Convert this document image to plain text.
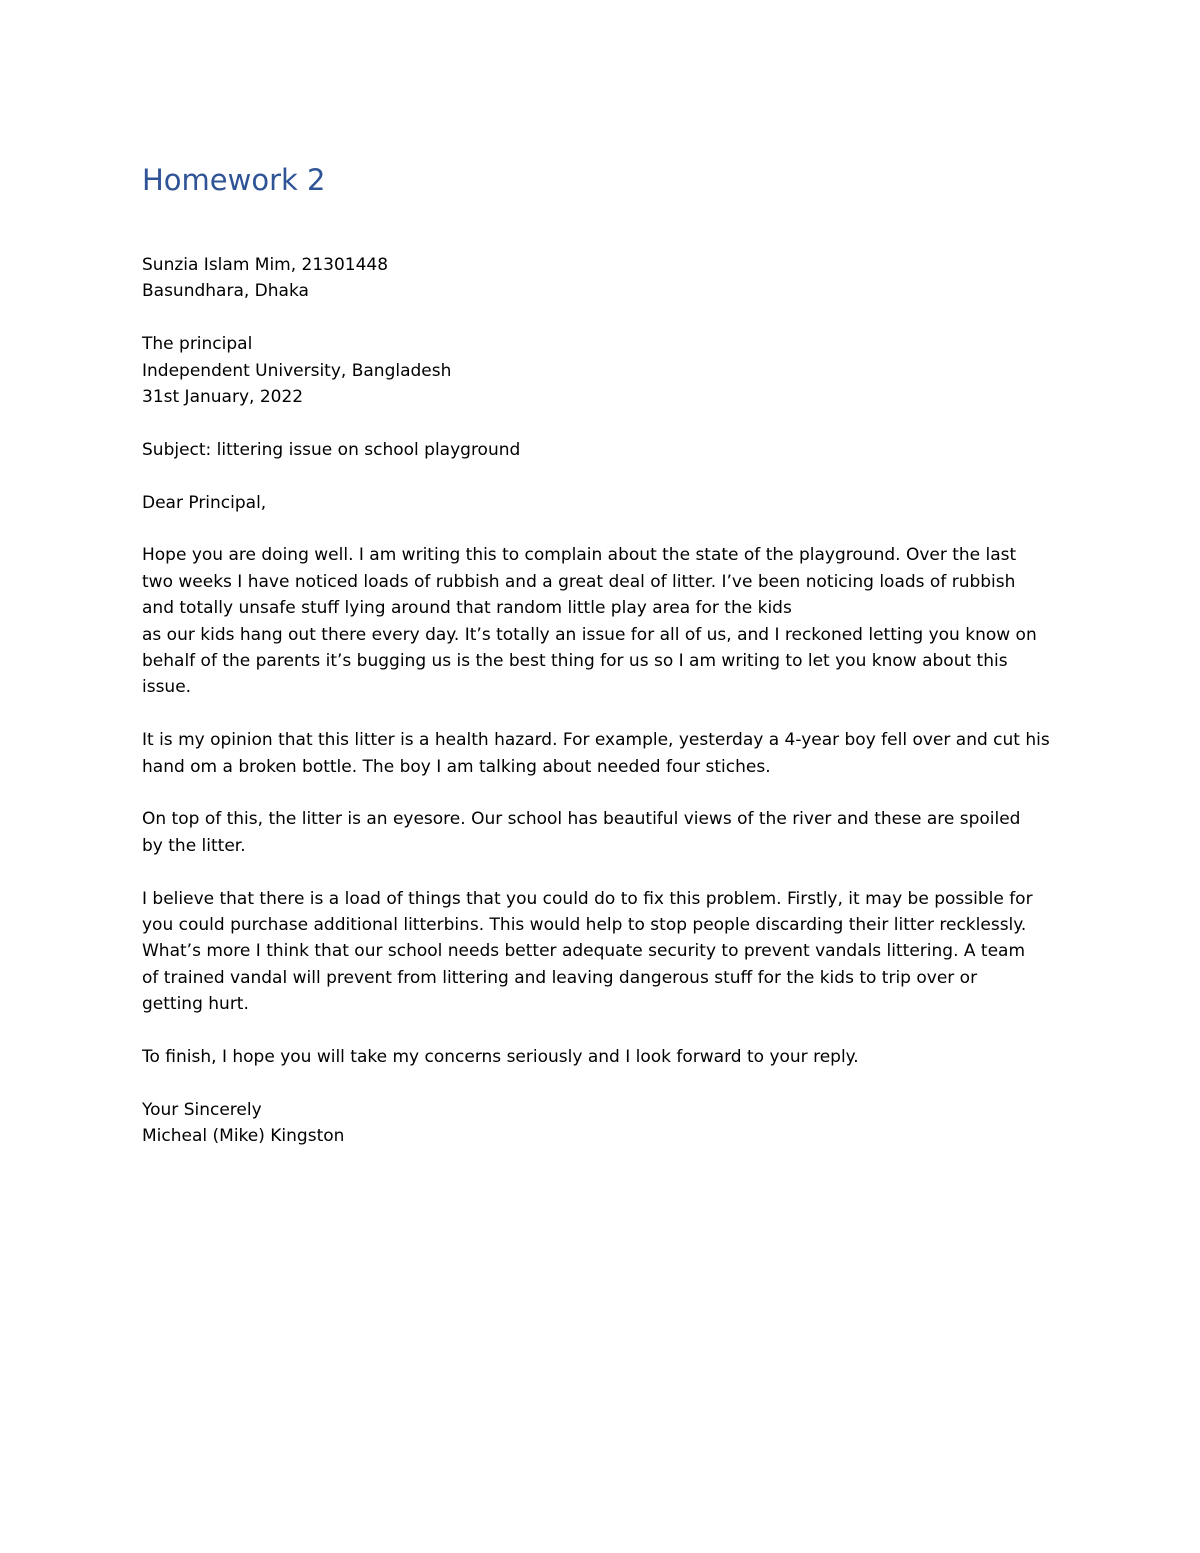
Homework 2
Sunzia Islam Mim, 21301448
Basundhara, Dhaka
The principal
Independent University, Bangladesh
31st January, 2022
Subject: littering issue on school playground
Dear Principal,
Hope you are doing well. I am writing this to complain about the state of the playground. Over the last
two weeks I have noticed loads of rubbish and a great deal of litter. I’ve been noticing loads of rubbish
and totally unsafe stuff lying around that random little play area for the kids
as our kids hang out there every day. It’s totally an issue for all of us, and I reckoned letting you know on
behalf of the parents it’s bugging us is the best thing for us so I am writing to let you know about this
issue.
It is my opinion that this litter is a health hazard. For example, yesterday a 4-year boy fell over and cut his
hand om a broken bottle. The boy I am talking about needed four stiches.
On top of this, the litter is an eyesore. Our school has beautiful views of the river and these are spoiled
by the litter.
I believe that there is a load of things that you could do to fix this problem. Firstly, it may be possible for
you could purchase additional litterbins. This would help to stop people discarding their litter recklessly.
What’s more I think that our school needs better adequate security to prevent vandals littering. A team
of trained vandal will prevent from littering and leaving dangerous stuff for the kids to trip over or
getting hurt.
To finish, I hope you will take my concerns seriously and I look forward to your reply.
Your Sincerely
Micheal (Mike) Kingston
